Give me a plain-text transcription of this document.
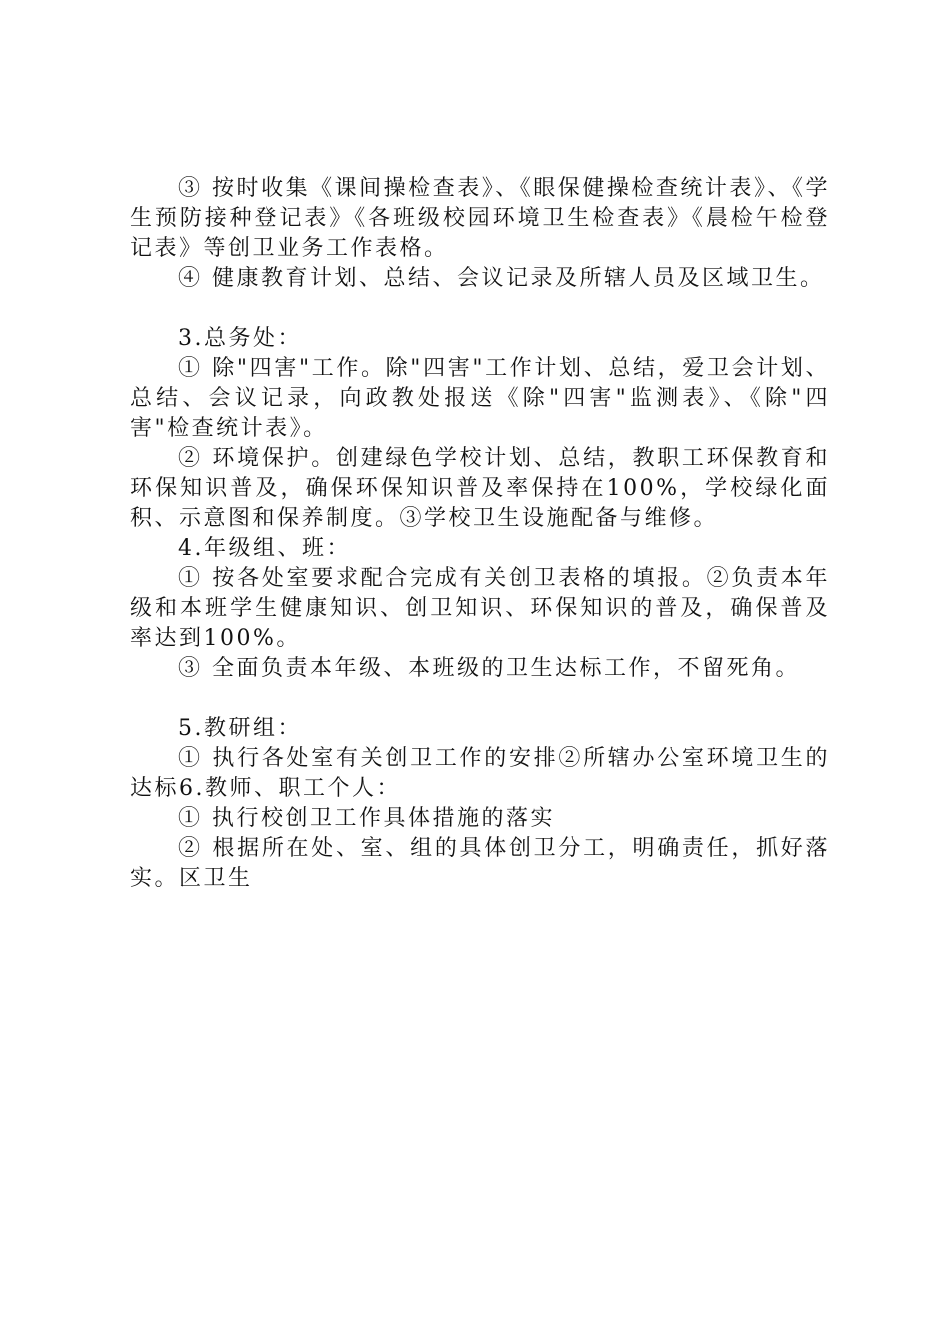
③ 按时收集《课间操检查表》、《眼保健操检查统计表》、《学生预防接种登记表》《各班级校园环境卫生检查表》《晨检午检登记表》等创卫业务工作表格。

④ 健康教育计划、总结、会议记录及所辖人员及区域卫生。

3.总务处：

① 除"四害"工作。除"四害"工作计划、总结，爱卫会计划、总结、会议记录，向政教处报送《除"四害"监测表》、《除"四害"检查统计表》。

② 环境保护。创建绿色学校计划、总结，教职工环保教育和环保知识普及，确保环保知识普及率保持在100%，学校绿化面积、示意图和保养制度。③学校卫生设施配备与维修。

4.年级组、班：

① 按各处室要求配合完成有关创卫表格的填报。②负责本年级和本班学生健康知识、创卫知识、环保知识的普及，确保普及率达到100%。

③ 全面负责本年级、本班级的卫生达标工作，不留死角。

5.教研组：

① 执行各处室有关创卫工作的安排②所辖办公室环境卫生的达标6.教师、职工个人：

① 执行校创卫工作具体措施的落实

② 根据所在处、室、组的具体创卫分工，明确责任，抓好落实。区卫生
